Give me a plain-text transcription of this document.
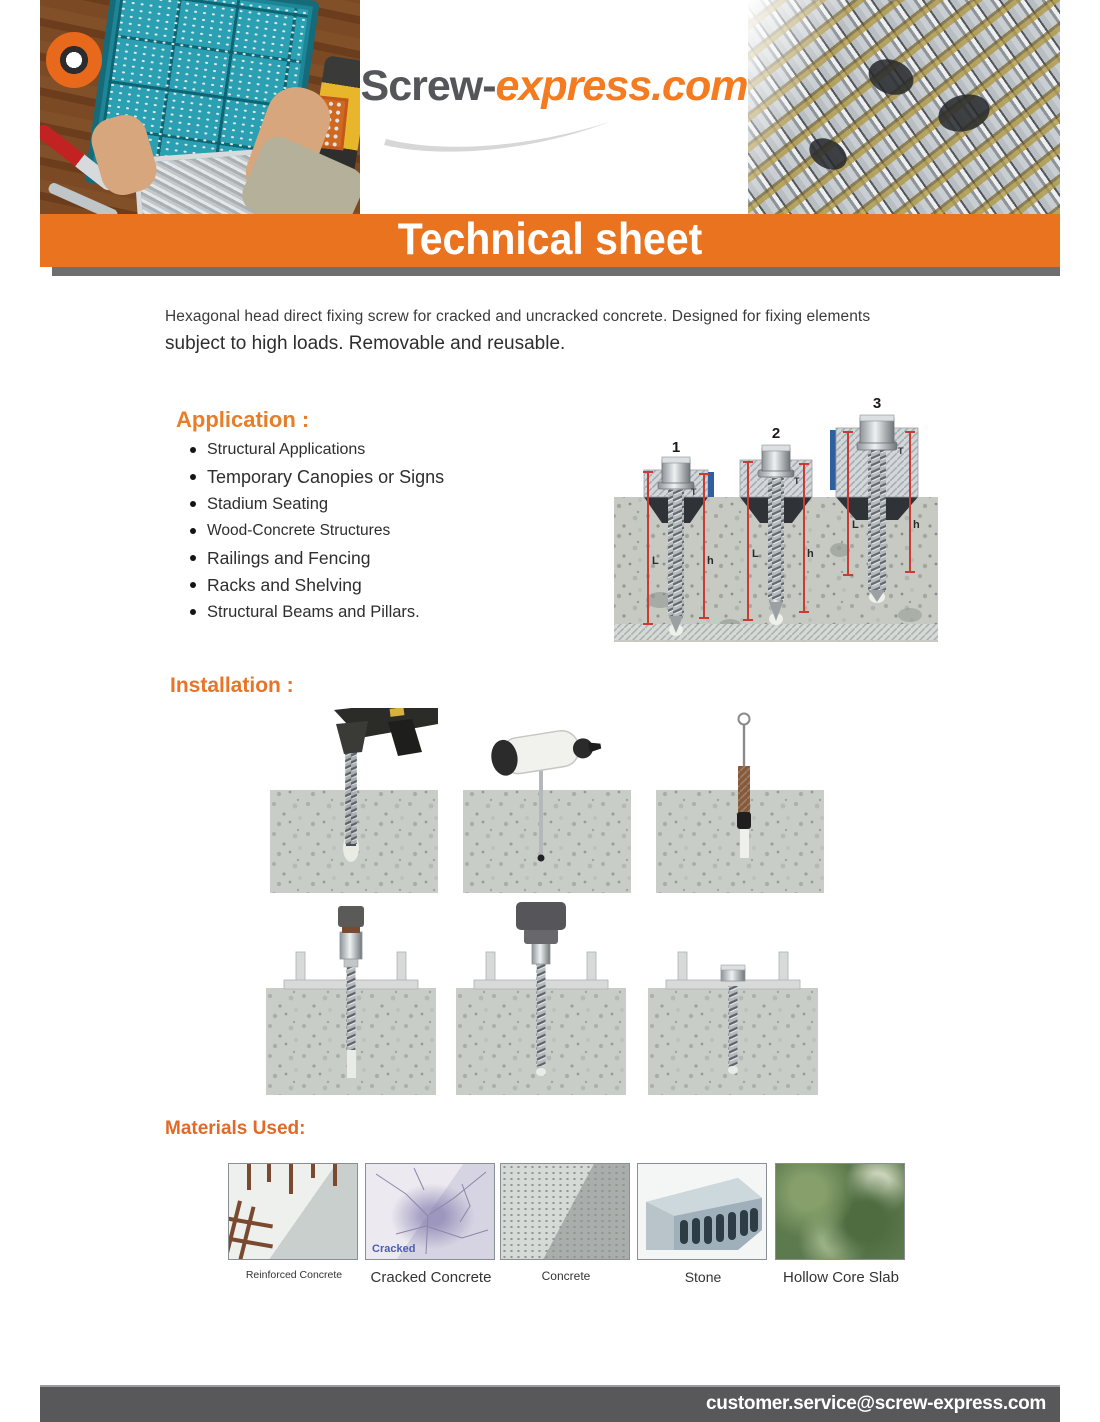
Screw-express.com
Technical sheet
Hexagonal head direct fixing screw for cracked and uncracked concrete. Designed for fixing elements
subject to high loads. Removable and reusable.
Application :
Structural Applications
Temporary Canopies or Signs
Stadium Seating
Wood-Concrete Structures
Railings and Fencing
Racks and Shelving
Structural Beams and Pillars.
1
L	h
T
2
L	h
T
3
L	h
T
Installation :
Materials Used:
Reinforced Concrete
Cracked
Cracked Concrete	Concrete	Stone	Hollow Core Slab
customer.service@screw-express.com
